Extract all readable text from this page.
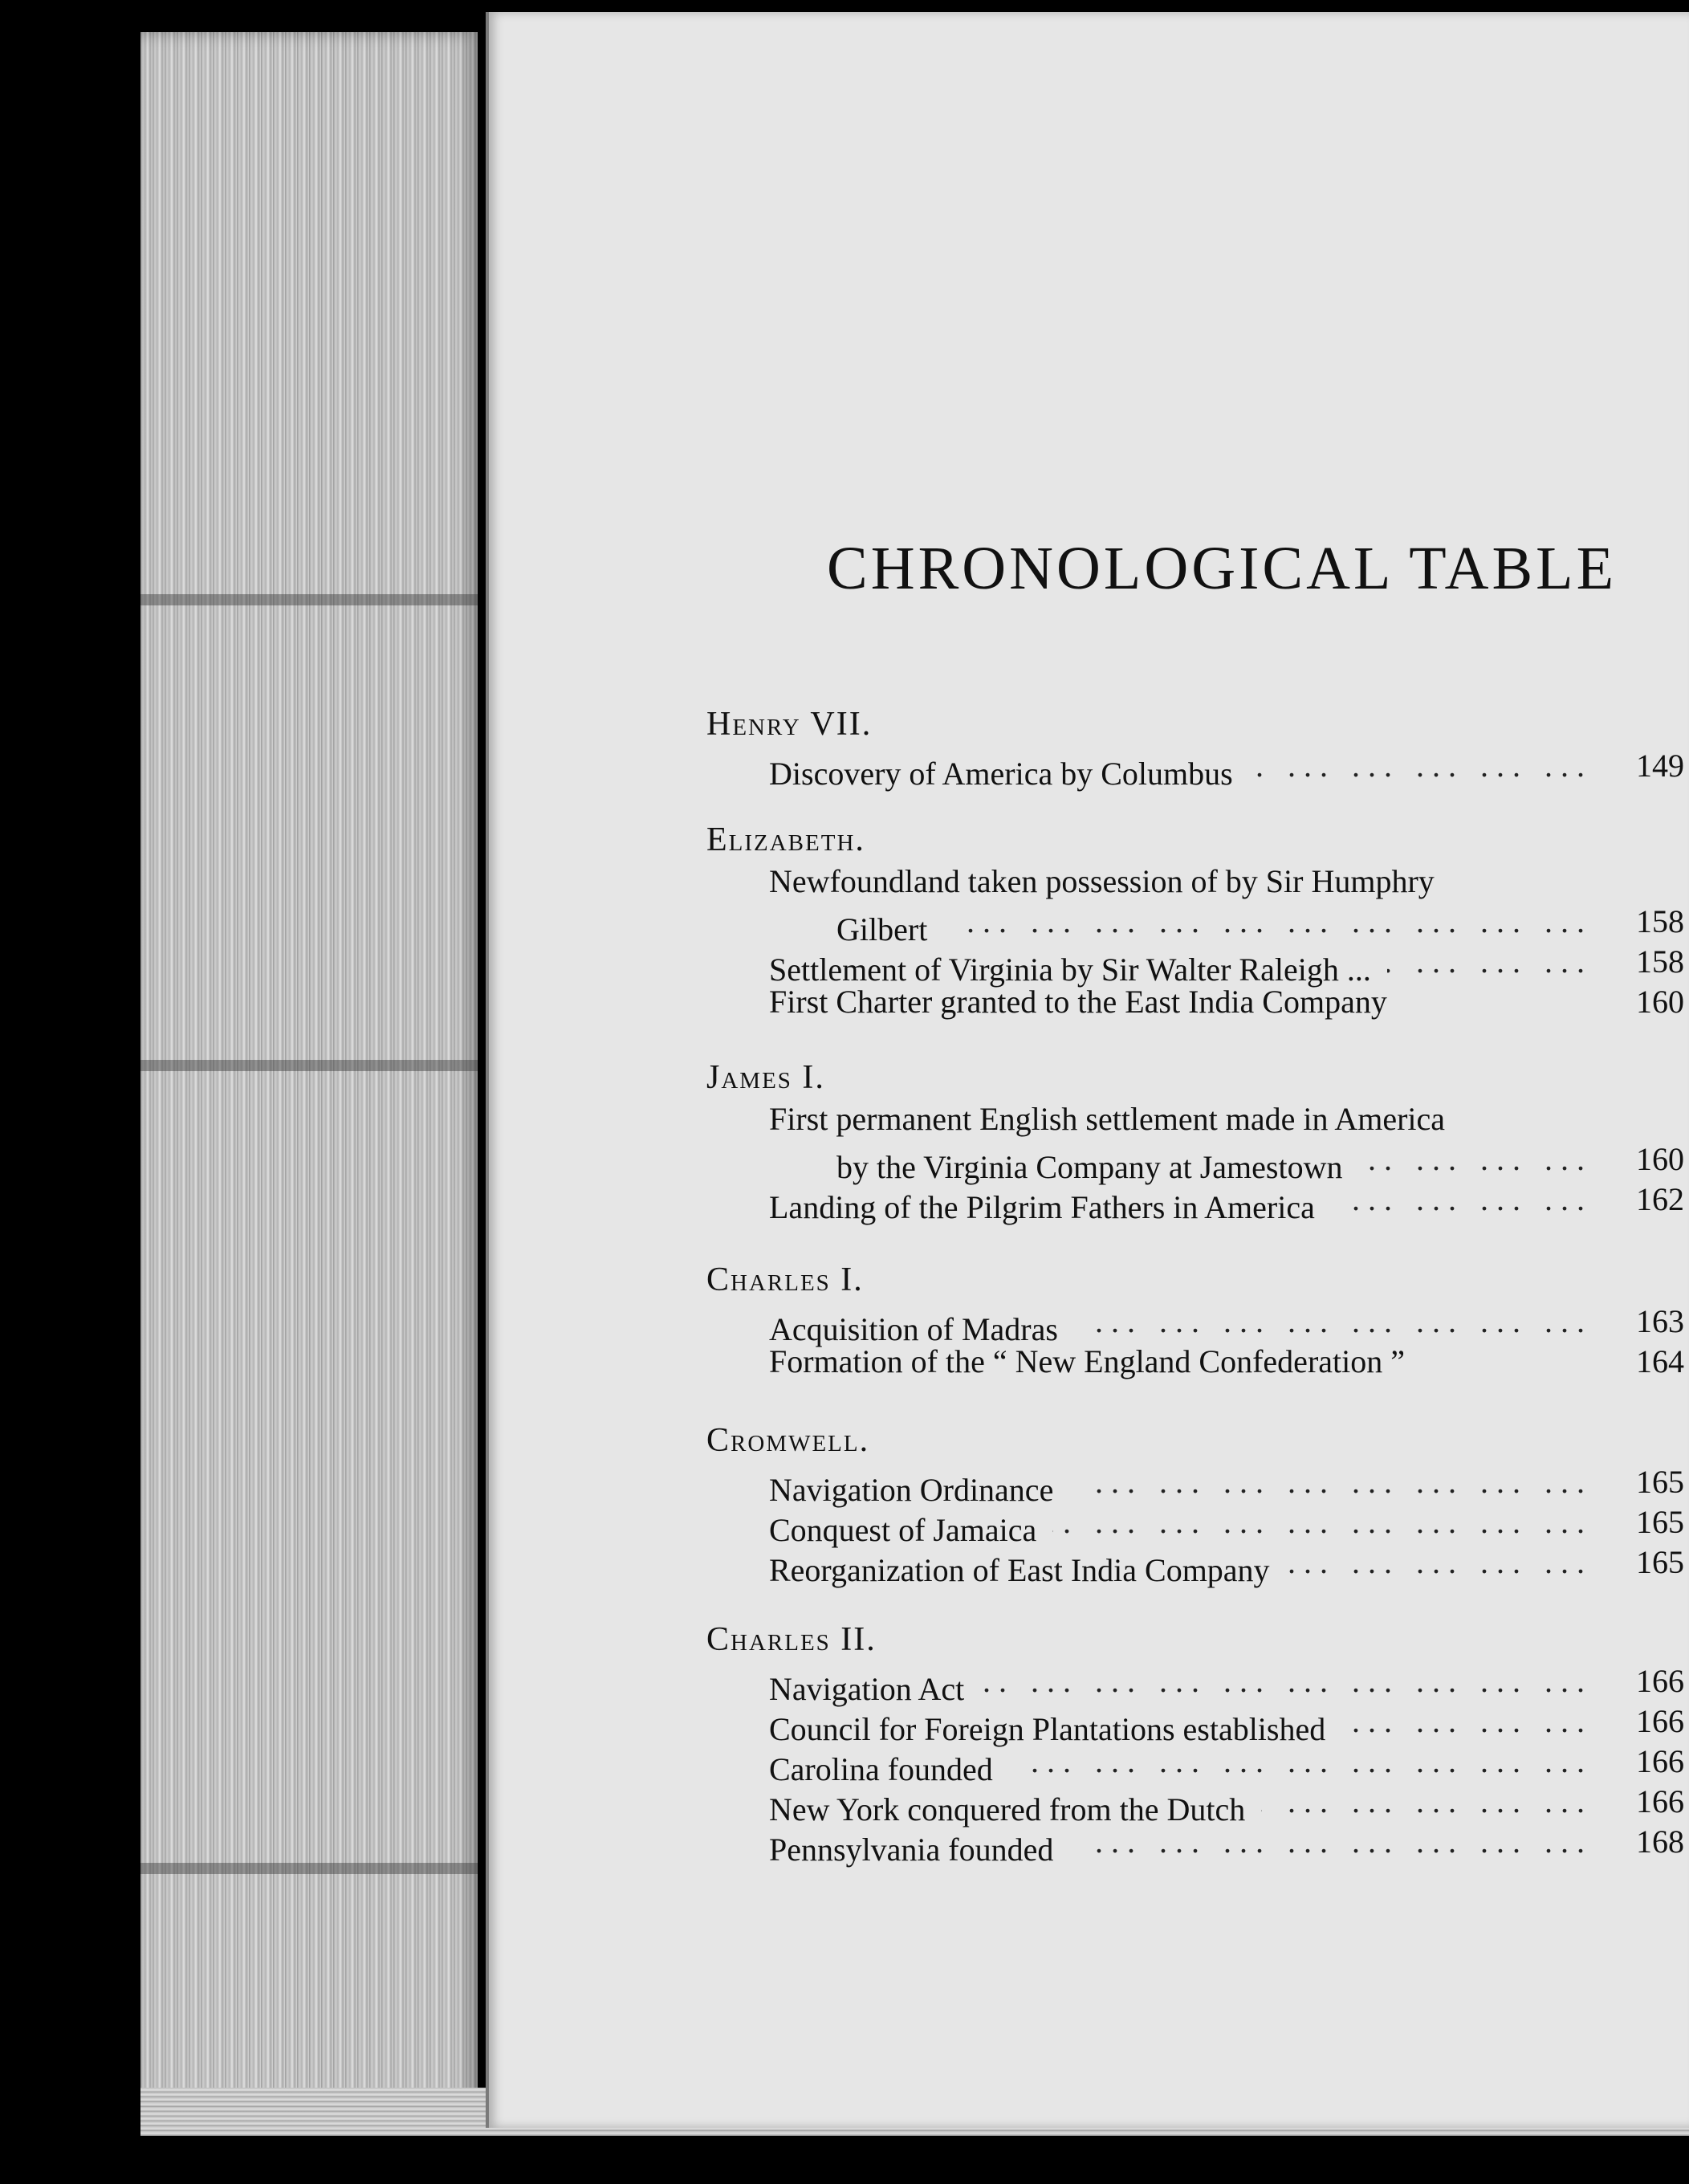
CHRONOLOGICAL TABLE
Henry VII.
Discovery of America by Columbus ... .	149
Elizabeth.
Newfoundland taken possession of by Sir Humphry
Gilbert ... .	158
Settlement of Virginia by Sir Walter Raleigh ... ... .	158
First Charter granted to the East India Company	160
James I.
First permanent English settlement made in America
by the Virginia Company at Jamestown ... .	160
Landing of the Pilgrim Fathers in America ... .	162
Charles I.
Acquisition of Madras ... .	163
Formation of the “ New England Confederation ”	164
Cromwell.
Navigation Ordinance ... .	165
Conquest of Jamaica ... .	165
Reorganization of East India Company ... .	165
Charles II.
Navigation Act ... .	166
Council for Foreign Plantations established ... .	166
Carolina founded ... .	166
New York conquered from the Dutch ... .	166
Pennsylvania founded ... .	168
